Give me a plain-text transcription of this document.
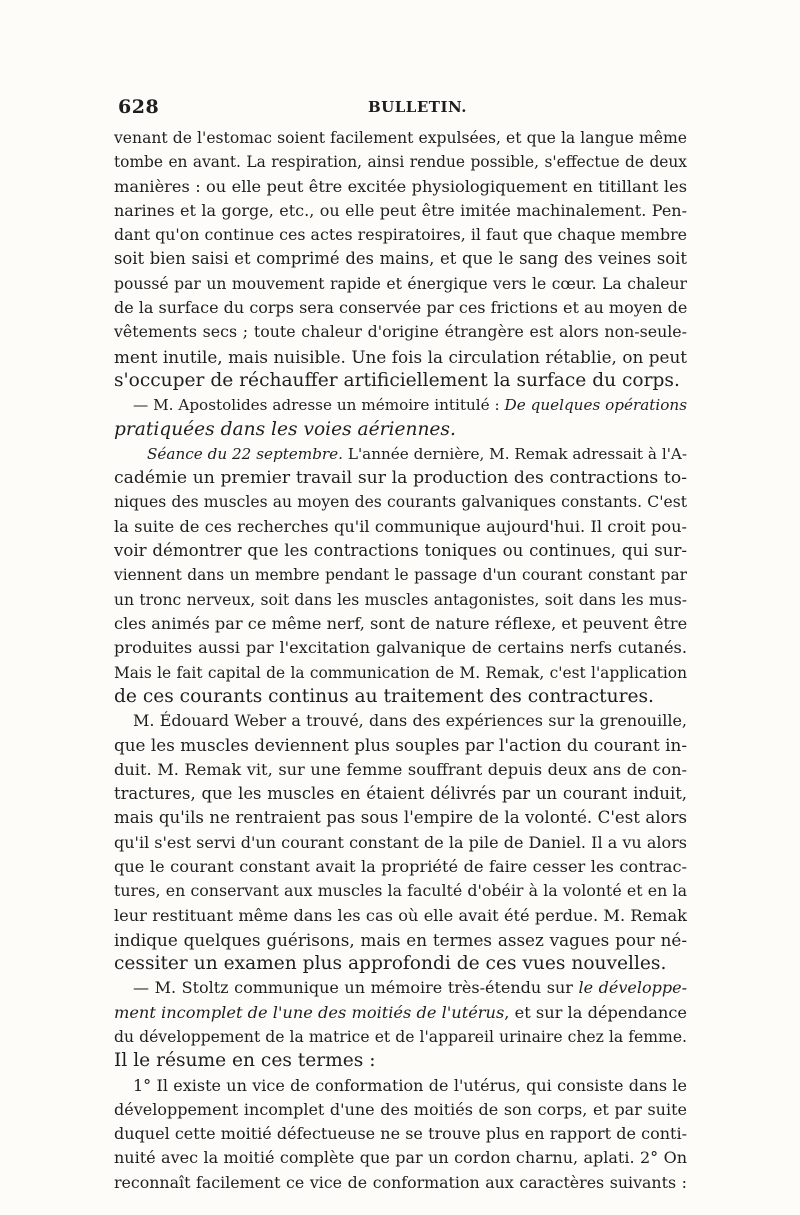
628	BULLETIN.
venant de l'estomac soient facilement expulsées, et que la langue même
tombe en avant. La respiration, ainsi rendue possible, s'effectue de deux
manières : ou elle peut être excitée physiologiquement en titillant les
narines et la gorge, etc., ou elle peut être imitée machinalement. Pen-
dant qu'on continue ces actes respiratoires, il faut que chaque membre
soit bien saisi et comprimé des mains, et que le sang des veines soit
poussé par un mouvement rapide et énergique vers le cœur. La chaleur
de la surface du corps sera conservée par ces frictions et au moyen de
vêtements secs ; toute chaleur d'origine étrangère est alors non-seule-
ment inutile, mais nuisible. Une fois la circulation rétablie, on peut
s'occuper de réchauffer artificiellement la surface du corps.
— M. Apostolides adresse un mémoire intitulé : De quelques opérations
pratiquées dans les voies aériennes.
Séance du 22 septembre. L'année dernière, M. Remak adressait à l'A-
cadémie un premier travail sur la production des contractions to-
niques des muscles au moyen des courants galvaniques constants. C'est
la suite de ces recherches qu'il communique aujourd'hui. Il croit pou-
voir démontrer que les contractions toniques ou continues, qui sur-
viennent dans un membre pendant le passage d'un courant constant par
un tronc nerveux, soit dans les muscles antagonistes, soit dans les mus-
cles animés par ce même nerf, sont de nature réflexe, et peuvent être
produites aussi par l'excitation galvanique de certains nerfs cutanés.
Mais le fait capital de la communication de M. Remak, c'est l'application
de ces courants continus au traitement des contractures.
M. Édouard Weber a trouvé, dans des expériences sur la grenouille,
que les muscles deviennent plus souples par l'action du courant in-
duit. M. Remak vit, sur une femme souffrant depuis deux ans de con-
tractures, que les muscles en étaient délivrés par un courant induit,
mais qu'ils ne rentraient pas sous l'empire de la volonté. C'est alors
qu'il s'est servi d'un courant constant de la pile de Daniel. Il a vu alors
que le courant constant avait la propriété de faire cesser les contrac-
tures, en conservant aux muscles la faculté d'obéir à la volonté et en la
leur restituant même dans les cas où elle avait été perdue. M. Remak
indique quelques guérisons, mais en termes assez vagues pour né-
cessiter un examen plus approfondi de ces vues nouvelles.
— M. Stoltz communique un mémoire très-étendu sur le développe-
ment incomplet de l'une des moitiés de l'utérus, et sur la dépendance
du développement de la matrice et de l'appareil urinaire chez la femme.
Il le résume en ces termes :
1° Il existe un vice de conformation de l'utérus, qui consiste dans le
développement incomplet d'une des moitiés de son corps, et par suite
duquel cette moitié défectueuse ne se trouve plus en rapport de conti-
nuité avec la moitié complète que par un cordon charnu, aplati. 2° On
reconnaît facilement ce vice de conformation aux caractères suivants :
